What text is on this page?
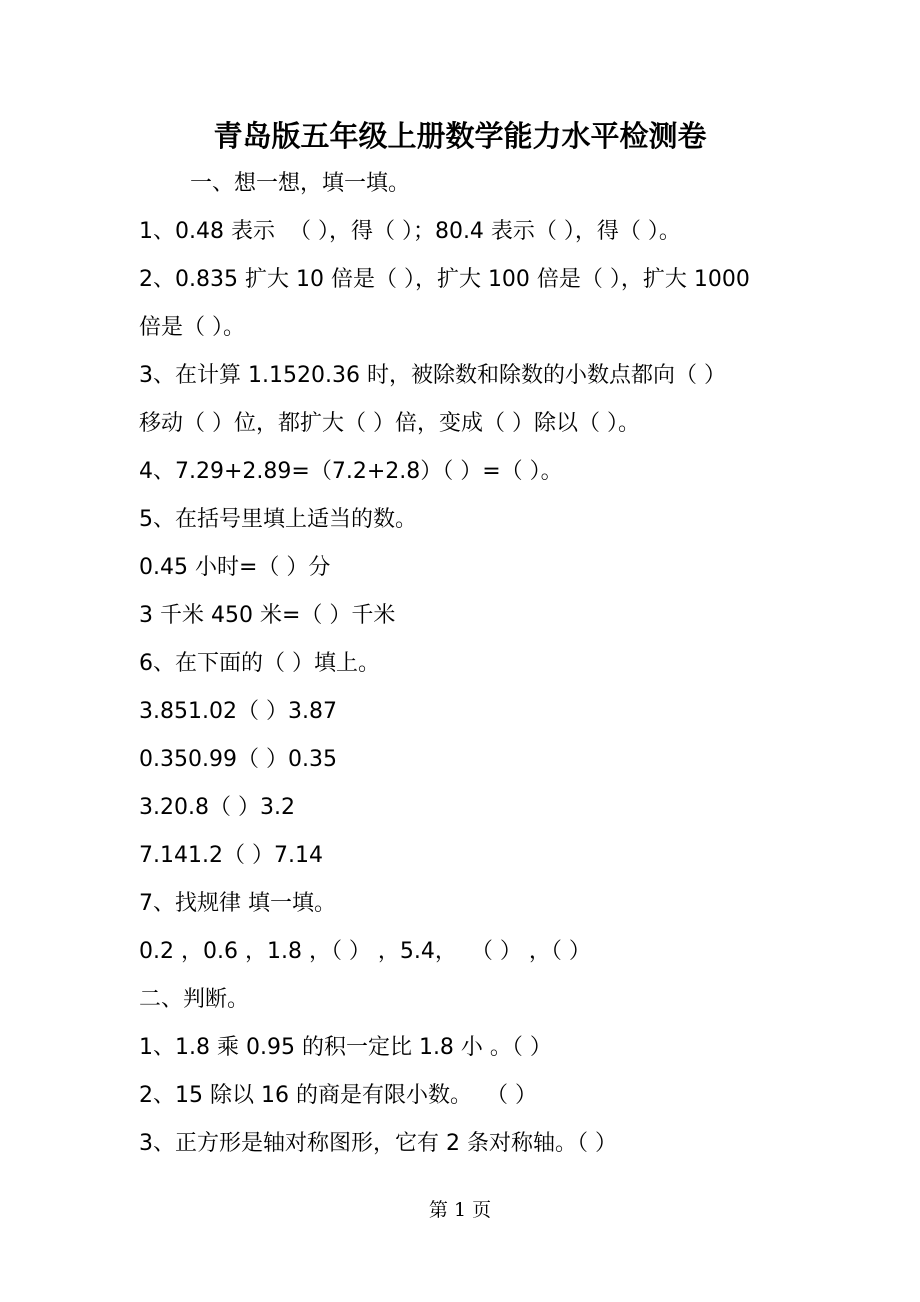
青岛版五年级上册数学能力水平检测卷
一、想一想，填一填。
1、0.48 表示  （ ），得（ ）；80.4 表示（ ），得（ ）。
2、0.835 扩大 10 倍是（ ），扩大 100 倍是（ ），扩大 1000
倍是（ ）。
3、在计算 1.1520.36 时，被除数和除数的小数点都向（ ）
移动（ ）位，都扩大（ ）倍，变成（ ）除以（ ）。
4、7.29+2.89=（7.2+2.8）（ ）=（ ）。
5、在括号里填上适当的数。
0.45 小时=（ ）分
3 千米 450 米=（ ）千米
6、在下面的（ ）填上。
3.851.02（ ）3.87
0.350.99（ ）0.35
3.20.8（ ）3.2
7.141.2（ ）7.14
7、找规律 填一填。
0.2 ，0.6 ，1.8 ，（ ） ，5.4，  （ ） ，（ ）
二、判断。
1、1.8 乘 0.95 的积一定比 1.8 小 。（ ）
2、15 除以 16 的商是有限小数。  （ ）
3、正方形是轴对称图形，它有 2 条对称轴。（ ）
第 1 页
